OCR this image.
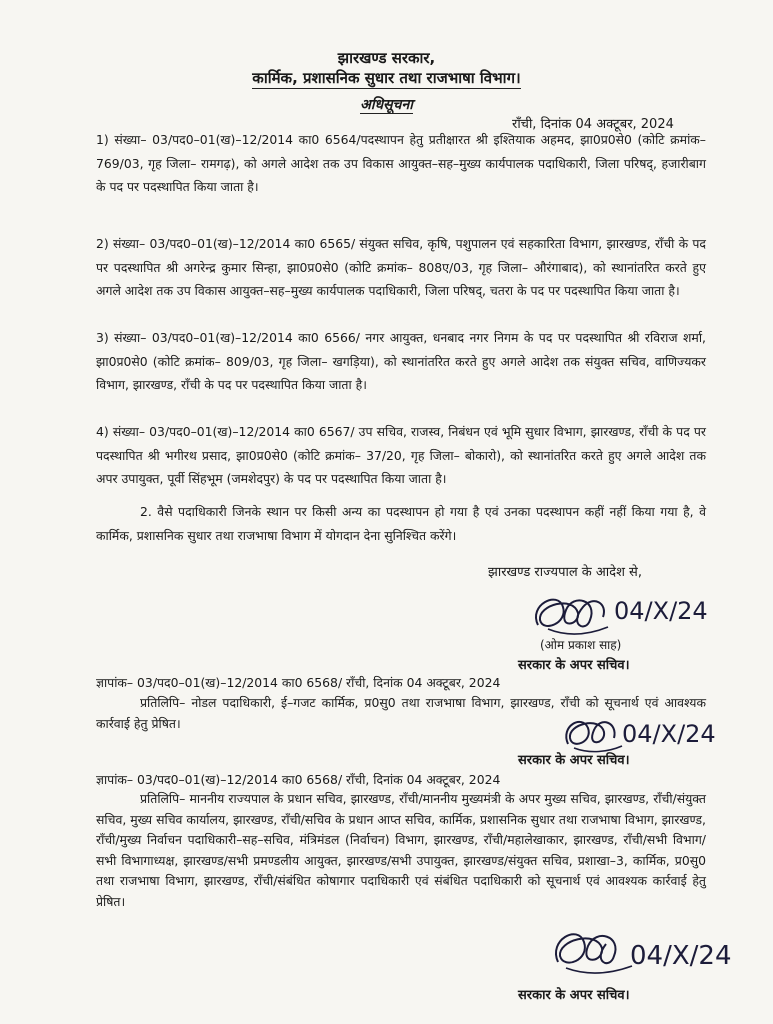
झारखण्ड सरकार,
कार्मिक, प्रशासनिक सुधार तथा राजभाषा विभाग।
अधिसूचना
राँची, दिनांक 04 अक्टूबर, 2024

1) संख्या– 03/पद0–01(ख)–12/2014 का0 6564/पदस्थापन हेतु प्रतीक्षारत श्री इश्तियाक अहमद, झा0प्र0से0 (कोटि क्रमांक– 769/03, गृह जिला– रामगढ़), को अगले आदेश तक उप विकास आयुक्त–सह–मुख्य कार्यपालक पदाधिकारी, जिला परिषद्, हजारीबाग के पद पर पदस्थापित किया जाता है।

2) संख्या– 03/पद0–01(ख)–12/2014 का0 6565/ संयुक्त सचिव, कृषि, पशुपालन एवं सहकारिता विभाग, झारखण्ड, राँची के पद पर पदस्थापित श्री अगरेन्द्र कुमार सिन्हा, झा0प्र0से0 (कोटि क्रमांक– 808ए/03, गृह जिला– औरंगाबाद), को स्थानांतरित करते हुए अगले आदेश तक उप विकास आयुक्त–सह–मुख्य कार्यपालक पदाधिकारी, जिला परिषद्, चतरा के पद पर पदस्थापित किया जाता है।

3) संख्या– 03/पद0–01(ख)–12/2014 का0 6566/ नगर आयुक्त, धनबाद नगर निगम के पद पर पदस्थापित श्री रविराज शर्मा, झा0प्र0से0 (कोटि क्रमांक– 809/03, गृह जिला– खगड़िया), को स्थानांतरित करते हुए अगले आदेश तक संयुक्त सचिव, वाणिज्यकर विभाग, झारखण्ड, राँची के पद पर पदस्थापित किया जाता है।

4) संख्या– 03/पद0–01(ख)–12/2014 का0 6567/ उप सचिव, राजस्व, निबंधन एवं भूमि सुधार विभाग, झारखण्ड, राँची के पद पर पदस्थापित श्री भगीरथ प्रसाद, झा0प्र0से0 (कोटि क्रमांक– 37/20, गृह जिला– बोकारो), को स्थानांतरित करते हुए अगले आदेश तक अपर उपायुक्त, पूर्वी सिंहभूम (जमशेदपुर) के पद पर पदस्थापित किया जाता है।

2. वैसे पदाधिकारी जिनके स्थान पर किसी अन्य का पदस्थापन हो गया है एवं उनका पदस्थापन कहीं नहीं किया गया है, वे कार्मिक, प्रशासनिक सुधार तथा राजभाषा विभाग में योगदान देना सुनिश्चित करेंगे।

झारखण्ड राज्यपाल के आदेश से,
04/X/24
(ओम प्रकाश साह)
सरकार के अपर सचिव।
ज्ञापांक– 03/पद0–01(ख)–12/2014 का0 6568/ राँची, दिनांक 04 अक्टूबर, 2024

प्रतिलिपि– नोडल पदाधिकारी, ई–गजट कार्मिक, प्र0सु0 तथा राजभाषा विभाग, झारखण्ड, राँची को सूचनार्थ एवं आवश्यक कार्रवाई हेतु प्रेषित।	04/X/24
सरकार के अपर सचिव।
ज्ञापांक– 03/पद0–01(ख)–12/2014 का0 6568/ राँची, दिनांक 04 अक्टूबर, 2024

प्रतिलिपि– माननीय राज्यपाल के प्रधान सचिव, झारखण्ड, राँची/माननीय मुख्यमंत्री के अपर मुख्य सचिव, झारखण्ड, राँची/संयुक्त सचिव, मुख्य सचिव कार्यालय, झारखण्ड, राँची/सचिव के प्रधान आप्त सचिव, कार्मिक, प्रशासनिक सुधार तथा राजभाषा विभाग, झारखण्ड, राँची/मुख्य निर्वाचन पदाधिकारी–सह–सचिव, मंत्रिमंडल (निर्वाचन) विभाग, झारखण्ड, राँची/महालेखाकार, झारखण्ड, राँची/सभी विभाग/सभी विभागाध्यक्ष, झारखण्ड/सभी प्रमण्डलीय आयुक्त, झारखण्ड/सभी उपायुक्त, झारखण्ड/संयुक्त सचिव, प्रशाखा–3, कार्मिक, प्र0सु0 तथा राजभाषा विभाग, झारखण्ड, राँची/संबंधित कोषागार पदाधिकारी एवं संबंधित पदाधिकारी को सूचनार्थ एवं आवश्यक कार्रवाई हेतु प्रेषित।

04/X/24
सरकार के अपर सचिव।
